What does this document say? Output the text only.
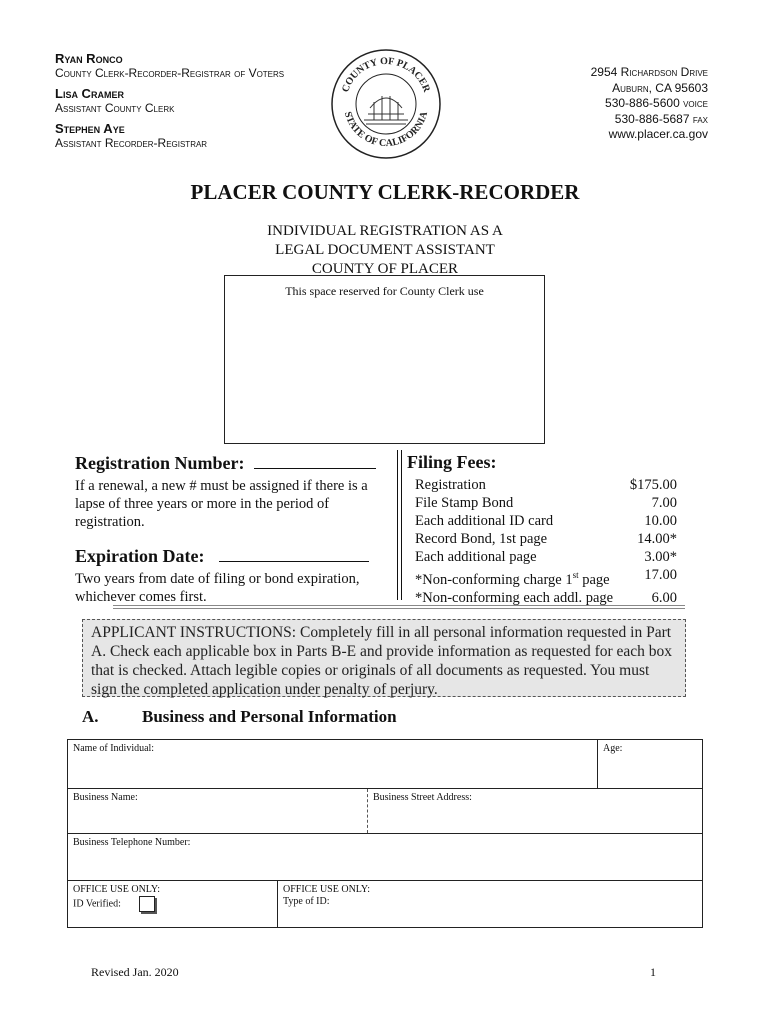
Ryan Ronco
County Clerk-Recorder-Registrar of Voters
Lisa Cramer
Assistant County Clerk
Stephen Aye
Assistant Recorder-Registrar
COUNTY OF PLACER
STATE OF CALIFORNIA
2954 Richardson Drive
Auburn, CA 95603
530-886-5600 voice
530-886-5687 fax
www.placer.ca.gov
PLACER COUNTY CLERK-RECORDER
INDIVIDUAL REGISTRATION AS A
LEGAL DOCUMENT ASSISTANT
COUNTY OF PLACER
This space reserved for County Clerk use
Registration Number:
If a renewal, a new # must be assigned if there is a lapse of three years or more in the period of registration.
Expiration Date:
Two years from date of filing or bond expiration, whichever comes first.
Filing Fees:
Registration	$175.00
File Stamp Bond	7.00
Each additional ID card	10.00
Record Bond, 1st page	14.00*
Each additional page	3.00*
*Non-conforming charge 1st page 17.00
*Non-conforming each addl. page	6.00
APPLICANT INSTRUCTIONS: Completely fill in all personal information requested in Part A. Check each applicable box in Parts B-E and provide information as requested for each box that is checked. Attach legible copies or originals of all documents as requested. You must sign the completed application under penalty of perjury.
A.	Business and Personal Information
Name of Individual:	Age:
Business Name:	Business Street Address:
Business Telephone Number:
OFFICE USE ONLY:
ID Verified:
OFFICE USE ONLY:
Type of ID:
Revised Jan. 2020	1
